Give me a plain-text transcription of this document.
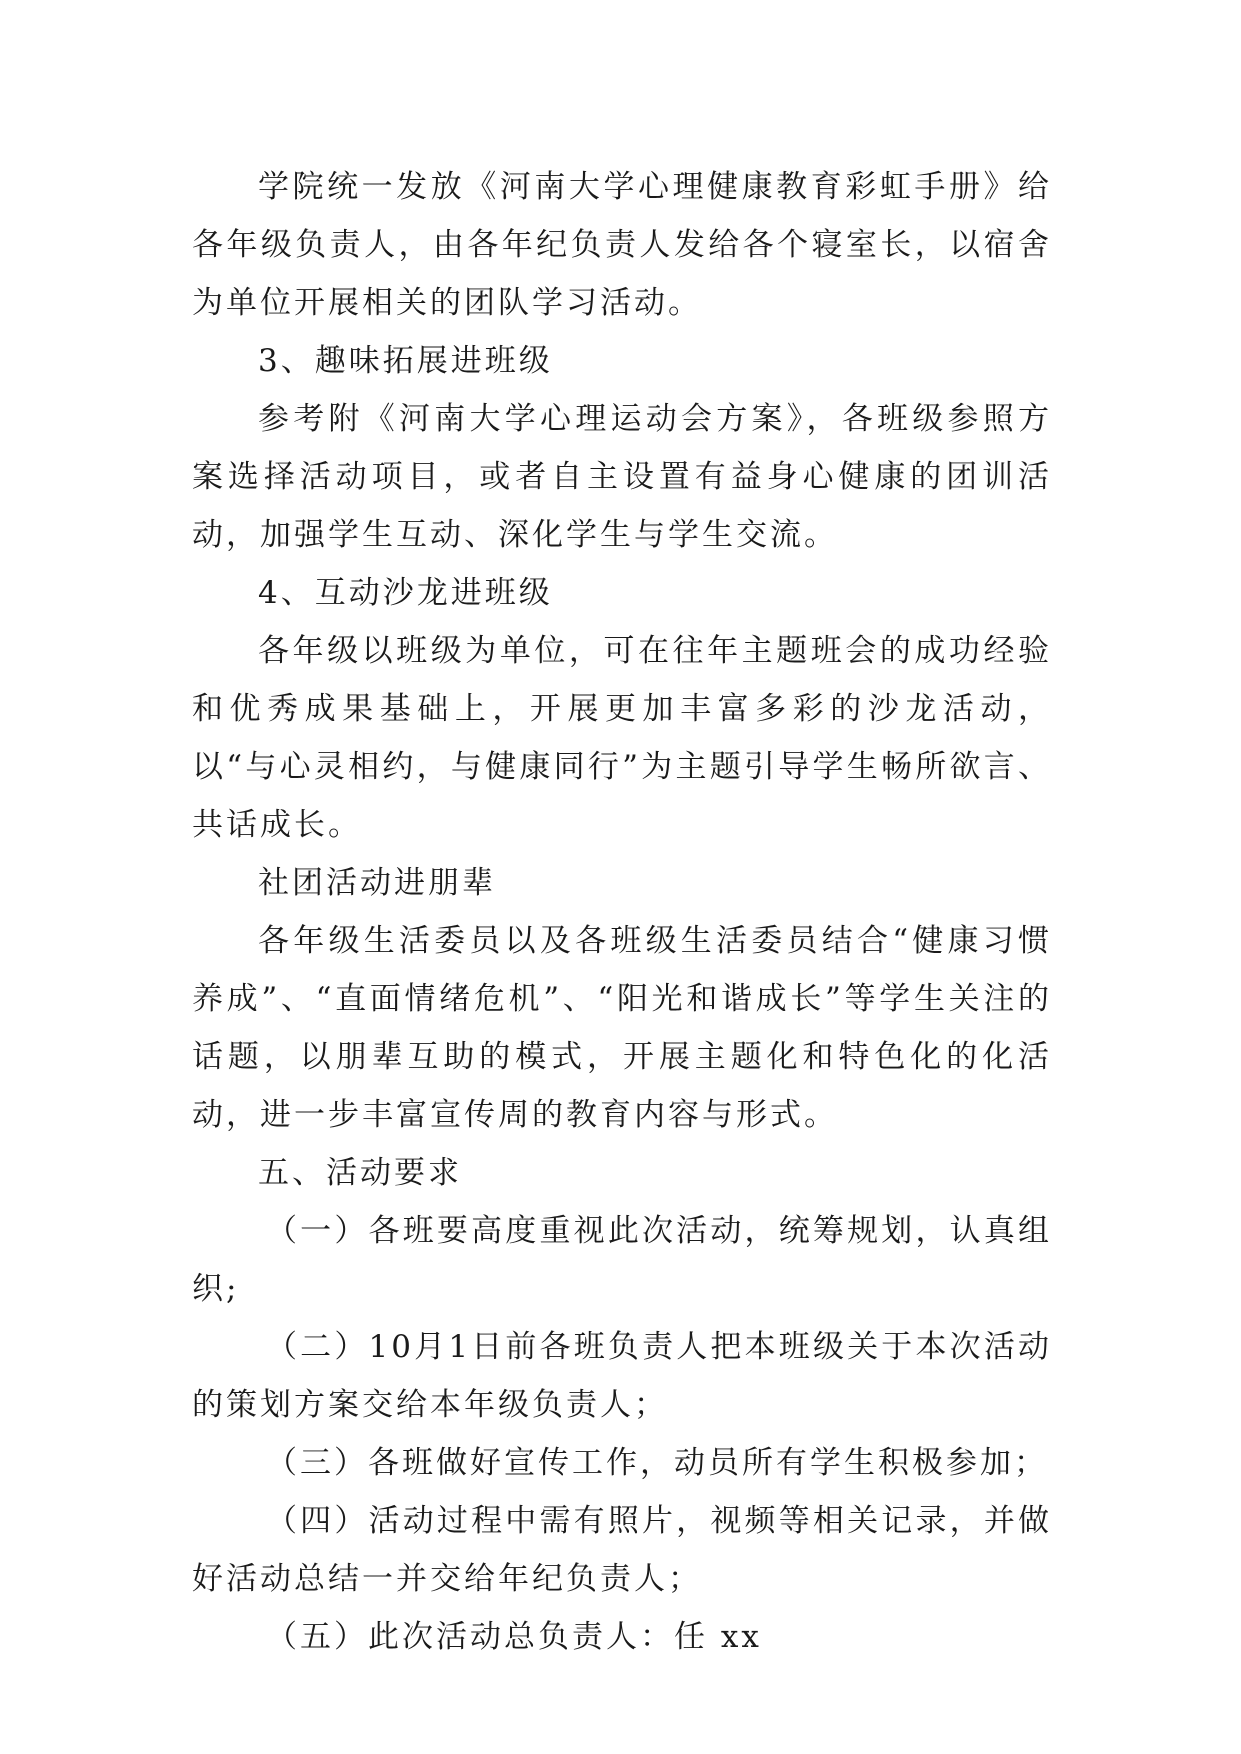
学院统一发放《河南大学心理健康教育彩虹手册》给各年级负责人，由各年纪负责人发给各个寝室长，以宿舍为单位开展相关的团队学习活动。

3、趣味拓展进班级

参考附《河南大学心理运动会方案》，各班级参照方案选择活动项目，或者自主设置有益身心健康的团训活动，加强学生互动、深化学生与学生交流。

4、互动沙龙进班级

各年级以班级为单位，可在往年主题班会的成功经验和优秀成果基础上，开展更加丰富多彩的沙龙活动，以“与心灵相约，与健康同行”为主题引导学生畅所欲言、共话成长。

社团活动进朋辈

各年级生活委员以及各班级生活委员结合“健康习惯养成”、“直面情绪危机”、“阳光和谐成长”等学生关注的话题，以朋辈互助的模式，开展主题化和特色化的化活动，进一步丰富宣传周的教育内容与形式。

五、活动要求

（一）各班要高度重视此次活动，统筹规划，认真组织;

（二）10月1日前各班负责人把本班级关于本次活动的策划方案交给本年级负责人；

（三）各班做好宣传工作，动员所有学生积极参加；

（四）活动过程中需有照片，视频等相关记录，并做好活动总结一并交给年纪负责人；

（五）此次活动总负责人：任 xx
